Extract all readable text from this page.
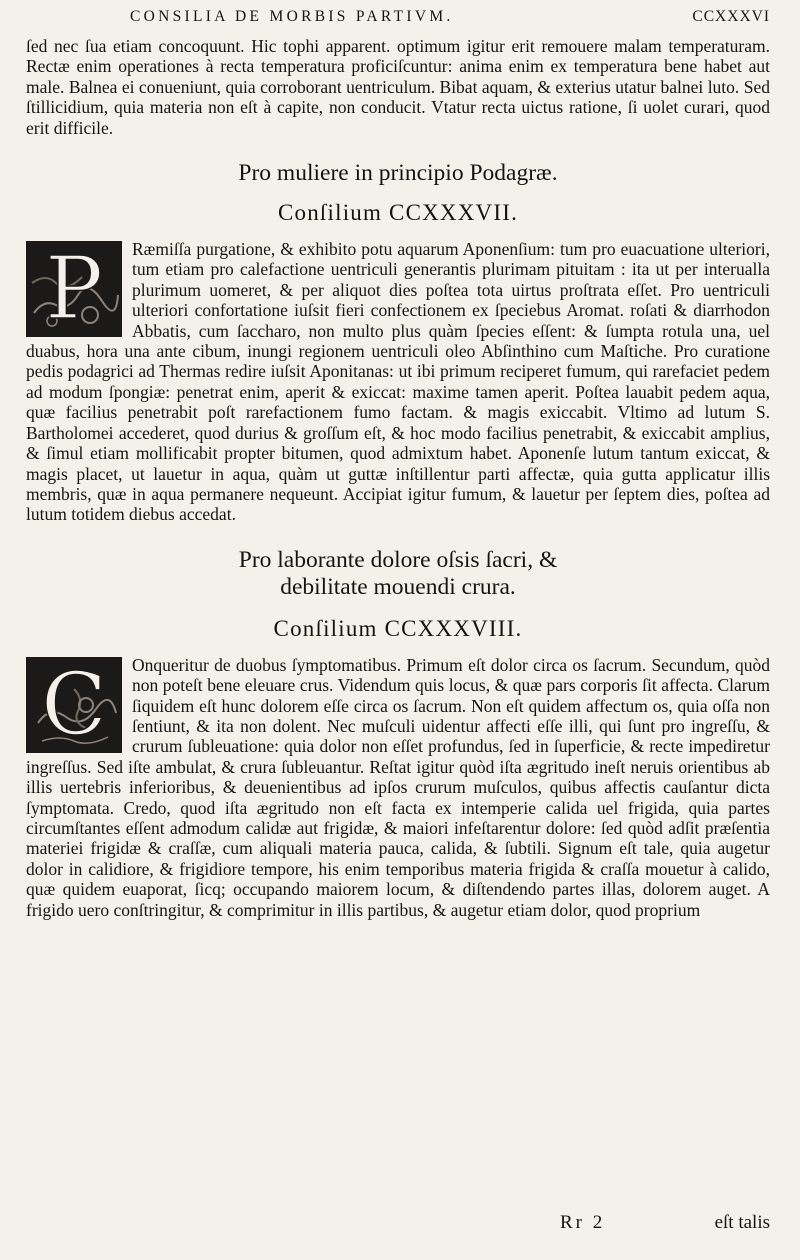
CONSILIA DE MORBIS PARTIVM.	CCXXXVI

ſed nec ſua etiam concoquunt. Hic tophi apparent. optimum igitur erit remouere malam temperaturam. Rectæ enim operationes à recta temperatura proficiſcuntur: anima enim ex temperatura bene habet aut male. Balnea ei conueniunt, quia corroborant uentriculum. Bibat aquam, & exterius utatur balnei luto. Sed ſtillicidium, quia materia non eſt à capite, non conducit. Vtatur recta uictus ratione, ſi uolet curari, quod erit difficile.

Pro muliere in principio Podagræ.
Conſilium CCXXXVII.
P	Ræmiſſa purgatione, & exhibito potu aquarum Aponenſium: tum pro euacuatione ulteriori, tum etiam pro calefactione uentriculi generantis plurimam pituitam : ita ut per interualla plurimum uomeret, & per aliquot dies poſtea tota uirtus proſtrata eſſet. Pro uentriculi ulteriori confortatione iuſsit fieri confectionem ex ſpeciebus Aromat. roſati & diarrhodon Abbatis, cum ſaccharo, non multo plus quàm ſpecies eſſent: & ſumpta rotula una, uel duabus, hora una ante cibum, inungi regionem uentriculi oleo Abſinthino cum Maſtiche. Pro curatione pedis podagrici ad Thermas redire iuſsit Aponitanas: ut ibi primum reciperet fumum, qui rarefaciet pedem ad modum ſpongiæ: penetrat enim, aperit & exiccat: maxime tamen aperit. Poſtea lauabit pedem aqua, quæ facilius penetrabit poſt rarefactionem fumo factam. & magis exiccabit. Vltimo ad lutum S. Bartholomei accederet, quod durius & groſſum eſt, & hoc modo facilius penetrabit, & exiccabit amplius, & ſimul etiam mollificabit propter bitumen, quod admixtum habet. Aponenſe lutum tantum exiccat, & magis placet, ut lauetur in aqua, quàm ut guttæ inſtillentur parti affectæ, quia gutta applicatur illis membris, quæ in aqua permanere nequeunt. Accipiat igitur fumum, & lauetur per ſeptem dies, poſtea ad lutum totidem diebus accedat.

Pro laborante dolore oſsis ſacri, & debilitate mouendi crura.
Conſilium CCXXXVIII.
C	Onqueritur de duobus ſymptomatibus. Primum eſt dolor circa os ſacrum. Secundum, quòd non poteſt bene eleuare crus. Videndum quis locus, & quæ pars corporis ſit affecta. Clarum ſiquidem eſt hunc dolorem eſſe circa os ſacrum. Non eſt quidem affectum os, quia oſſa non ſentiunt, & ita non dolent. Nec muſculi uidentur affecti eſſe illi, qui ſunt pro ingreſſu, & crurum ſubleuatione: quia dolor non eſſet profundus, ſed in ſuperficie, & recte impediretur ingreſſus. Sed iſte ambulat, & crura ſubleuantur. Reſtat igitur quòd iſta ægritudo ineſt neruis orientibus ab illis uertebris inferioribus, & deuenientibus ad ipſos crurum muſculos, quibus affectis cauſantur dicta ſymptomata. Credo, quod iſta ægritudo non eſt facta ex intemperie calida uel frigida, quia partes circumſtantes eſſent admodum calidæ aut frigidæ, & maiori infeſtarentur dolore: ſed quòd adſit præſentia materiei frigidæ & craſſæ, cum aliquali materia pauca, calida, & ſubtili. Signum eſt tale, quia augetur dolor in calidiore, & frigidiore tempore, his enim temporibus materia frigida & craſſa mouetur à calido, quæ quidem euaporat, ſicq; occupando maiorem locum, & diſtendendo partes illas, dolorem auget. A frigido uero conſtringitur, & comprimitur in illis partibus, & augetur etiam dolor, quod proprium

Rr 2	eſt talis
